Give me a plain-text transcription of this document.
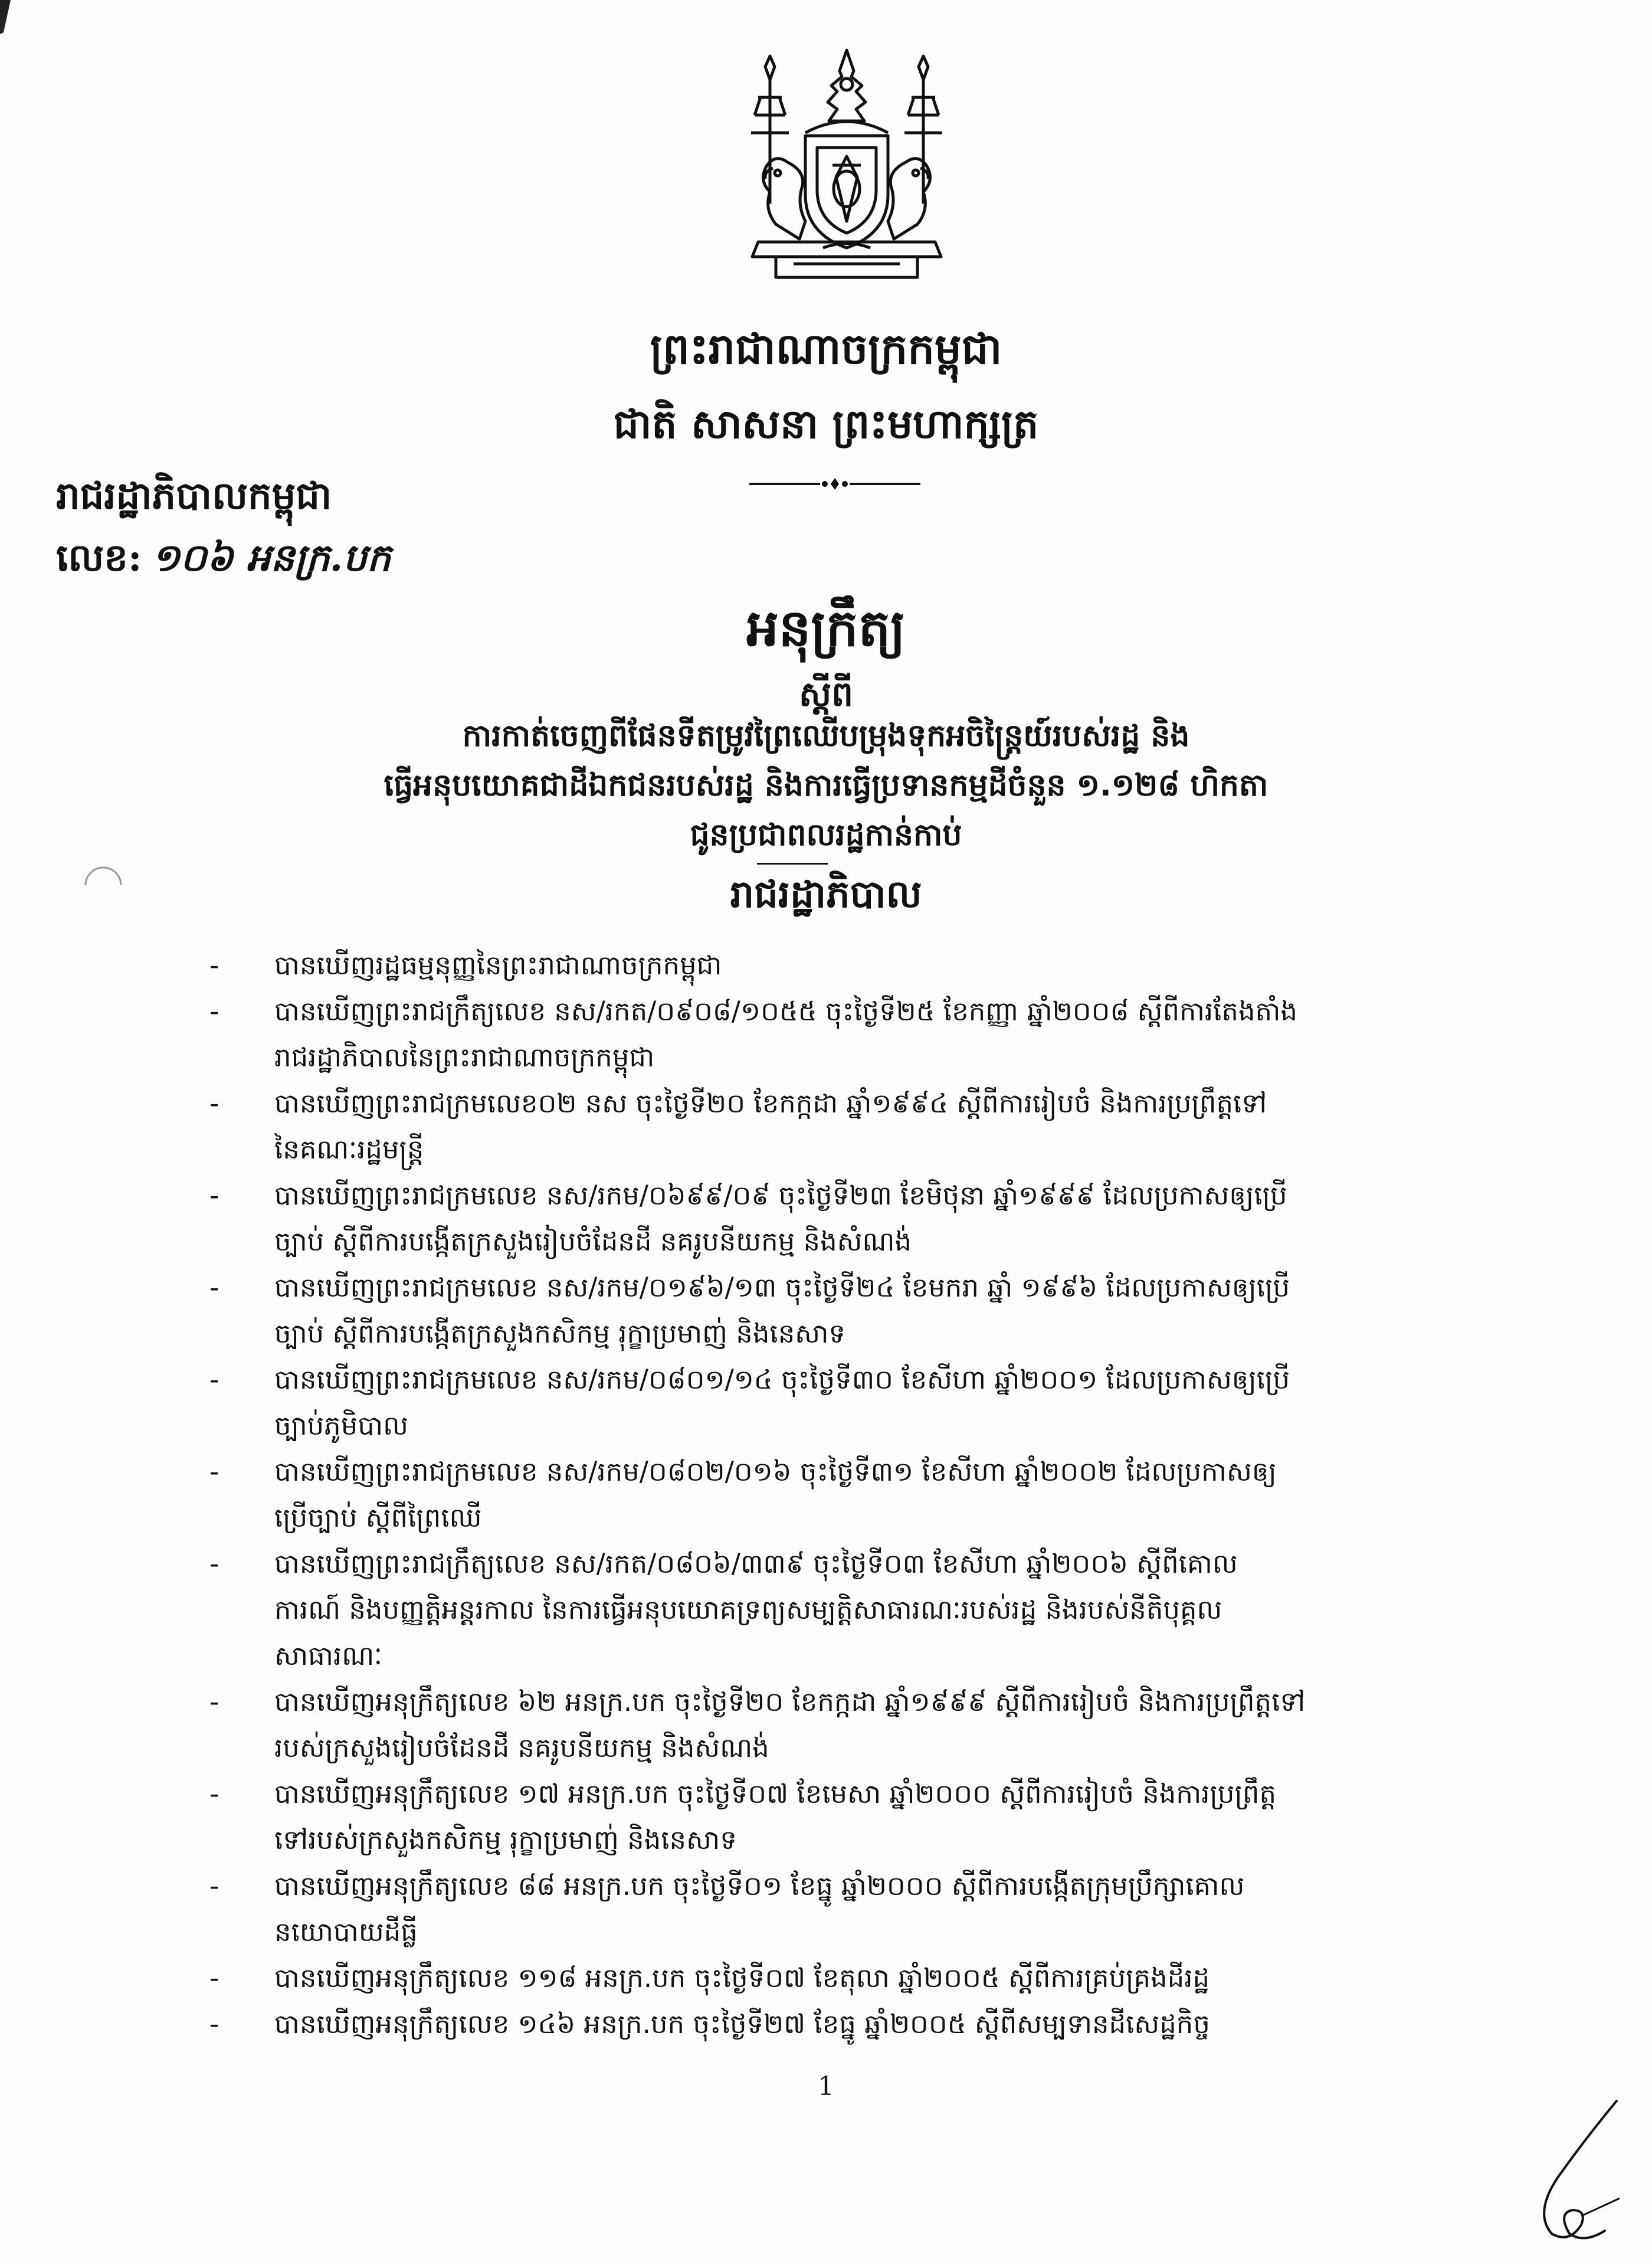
ព្រះរាជាណាចក្រកម្ពុជា
ជាតិ សាសនា ព្រះមហាក្សត្រ
រាជរដ្ឋាភិបាលកម្ពុជា
លេខ: ១០៦ អនក្រ.បក
អនុក្រឹត្យ
ស្តីពី
ការកាត់ចេញពីផែនទីតម្រូវព្រៃឈើបម្រុងទុកអចិន្ត្រៃយ៍របស់រដ្ឋ និង
ធ្វើអនុបយោគជាដីឯកជនរបស់រដ្ឋ និងការធ្វើប្រទានកម្មដីចំនួន ១.១២៨ ហិកតា
ជូនប្រជាពលរដ្ឋកាន់កាប់
រាជរដ្ឋាភិបាល
- បានឃើញរដ្ឋធម្មនុញ្ញនៃព្រះរាជាណាចក្រកម្ពុជា
- បានឃើញព្រះរាជក្រឹត្យលេខ នស/រកត/០៩០៨/១០៥៥ ចុះថ្ងៃទី២៥ ខែកញ្ញា ឆ្នាំ២០០៨ ស្តីពីការតែងតាំង
រាជរដ្ឋាភិបាលនៃព្រះរាជាណាចក្រកម្ពុជា
- បានឃើញព្រះរាជក្រមលេខ០២ នស ចុះថ្ងៃទី២០ ខែកក្កដា ឆ្នាំ១៩៩៤ ស្តីពីការរៀបចំ និងការប្រព្រឹត្តទៅ
នៃគណៈរដ្ឋមន្ត្រី
- បានឃើញព្រះរាជក្រមលេខ នស/រកម/០៦៩៩/០៩ ចុះថ្ងៃទី២៣ ខែមិថុនា ឆ្នាំ១៩៩៩ ដែលប្រកាសឲ្យប្រើ
ច្បាប់ ស្តីពីការបង្កើតក្រសួងរៀបចំដែនដី នគរូបនីយកម្ម និងសំណង់
- បានឃើញព្រះរាជក្រមលេខ នស/រកម/០១៩៦/១៣ ចុះថ្ងៃទី២៤ ខែមករា ឆ្នាំ ១៩៩៦ ដែលប្រកាសឲ្យប្រើ
ច្បាប់ ស្តីពីការបង្កើតក្រសួងកសិកម្ម រុក្ខាប្រមាញ់ និងនេសាទ
- បានឃើញព្រះរាជក្រមលេខ នស/រកម/០៨០១/១៤ ចុះថ្ងៃទី៣០ ខែសីហា ឆ្នាំ២០០១ ដែលប្រកាសឲ្យប្រើ
ច្បាប់ភូមិបាល
- បានឃើញព្រះរាជក្រមលេខ នស/រកម/០៨០២/០១៦ ចុះថ្ងៃទី៣១ ខែសីហា ឆ្នាំ២០០២ ដែលប្រកាសឲ្យ
ប្រើច្បាប់ ស្តីពីព្រៃឈើ
- បានឃើញព្រះរាជក្រឹត្យលេខ នស/រកត/០៨០៦/៣៣៩ ចុះថ្ងៃទី០៣ ខែសីហា ឆ្នាំ២០០៦ ស្តីពីគោល
ការណ៍ និងបញ្ញត្តិអន្តរកាល នៃការធ្វើអនុបយោគទ្រព្យសម្បត្តិសាធារណៈរបស់រដ្ឋ និងរបស់នីតិបុគ្គល
សាធារណៈ
- បានឃើញអនុក្រឹត្យលេខ ៦២ អនក្រ.បក ចុះថ្ងៃទី២០ ខែកក្កដា ឆ្នាំ១៩៩៩ ស្តីពីការរៀបចំ និងការប្រព្រឹត្តទៅ
របស់ក្រសួងរៀបចំដែនដី នគរូបនីយកម្ម និងសំណង់
- បានឃើញអនុក្រឹត្យលេខ ១៧ អនក្រ.បក ចុះថ្ងៃទី០៧ ខែមេសា ឆ្នាំ២០០០ ស្តីពីការរៀបចំ និងការប្រព្រឹត្ត
ទៅរបស់ក្រសួងកសិកម្ម រុក្ខាប្រមាញ់ និងនេសាទ
- បានឃើញអនុក្រឹត្យលេខ ៨៨ អនក្រ.បក ចុះថ្ងៃទី០១ ខែធ្នូ ឆ្នាំ២០០០ ស្តីពីការបង្កើតក្រុមប្រឹក្សាគោល
នយោបាយដីធ្លី
- បានឃើញអនុក្រឹត្យលេខ ១១៨ អនក្រ.បក ចុះថ្ងៃទី០៧ ខែតុលា ឆ្នាំ២០០៥ ស្តីពីការគ្រប់គ្រងដីរដ្ឋ
- បានឃើញអនុក្រឹត្យលេខ ១៤៦ អនក្រ.បក ចុះថ្ងៃទី២៧ ខែធ្នូ ឆ្នាំ២០០៥ ស្តីពីសម្បទានដីសេដ្ឋកិច្ច
1
